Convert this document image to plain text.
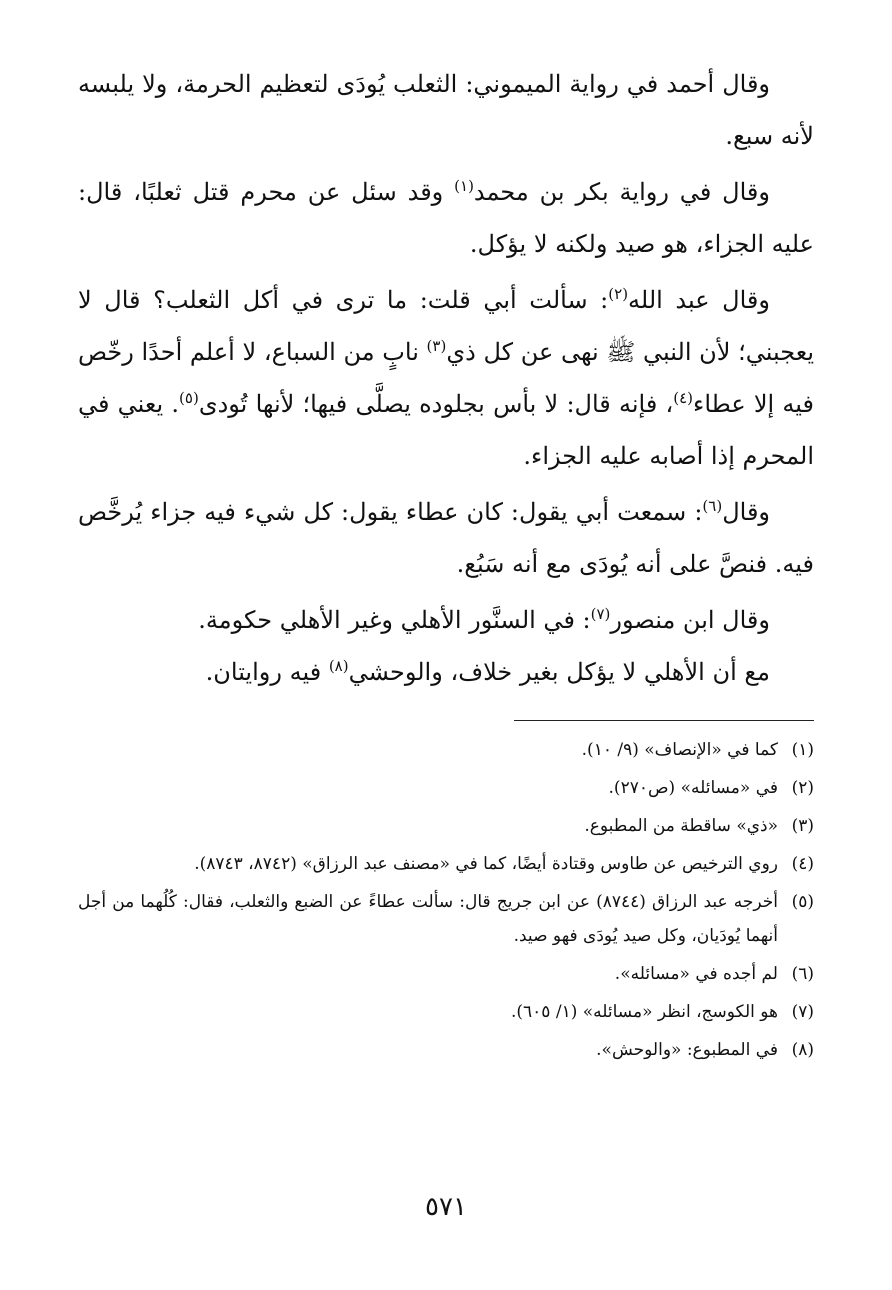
وقال أحمد في رواية الميموني: الثعلب يُودَى لتعظيم الحرمة، ولا يلبسه لأنه سبع.

وقال في رواية بكر بن محمد$^{(١)}$ وقد سئل عن محرم قتل ثعلبًا، قال: عليه الجزاء، هو صيد ولكنه لا يؤكل.

وقال عبد الله$^{(٢)}$: سألت أبي قلت: ما ترى في أكل الثعلب؟ قال لا يعجبني؛ لأن النبي ﷺ نهى عن كل ذي$^{(٣)}$ نابٍ من السباع، لا أعلم أحدًا رخّص فيه إلا عطاء$^{(٤)}$، فإنه قال: لا بأس بجلوده يصلَّى فيها؛ لأنها تُودى$^{(٥)}$. يعني في المحرم إذا أصابه عليه الجزاء.

وقال$^{(٦)}$: سمعت أبي يقول: كان عطاء يقول: كل شيء فيه جزاء يُرخَّص فيه. فنصَّ على أنه يُودَى مع أنه سَبُع.

وقال ابن منصور$^{(٧)}$: في السنَّور الأهلي وغير الأهلي حكومة.

مع أن الأهلي لا يؤكل بغير خلاف، والوحشي$^{(٨)}$ فيه روايتان.

(١)
كما في «الإنصاف» (٩/ ١٠).
(٢)
في «مسائله» (ص٢٧٠).
(٣)
«ذي» ساقطة من المطبوع.
(٤)
روي الترخيص عن طاوس وقتادة أيضًا، كما في «مصنف عبد الرزاق» (٨٧٤٢، ٨٧٤٣).
(٥)
أخرجه عبد الرزاق (٨٧٤٤) عن ابن جريج قال: سألت عطاءً عن الضبع والثعلب، فقال: كُلُهما من أجل أنهما يُودَيان، وكل صيد يُودَى فهو صيد.
(٦)
لم أجده في «مسائله».
(٧)
هو الكوسج، انظر «مسائله» (١/ ٦٠٥).
(٨)
في المطبوع: «والوحش».
٥٧١
